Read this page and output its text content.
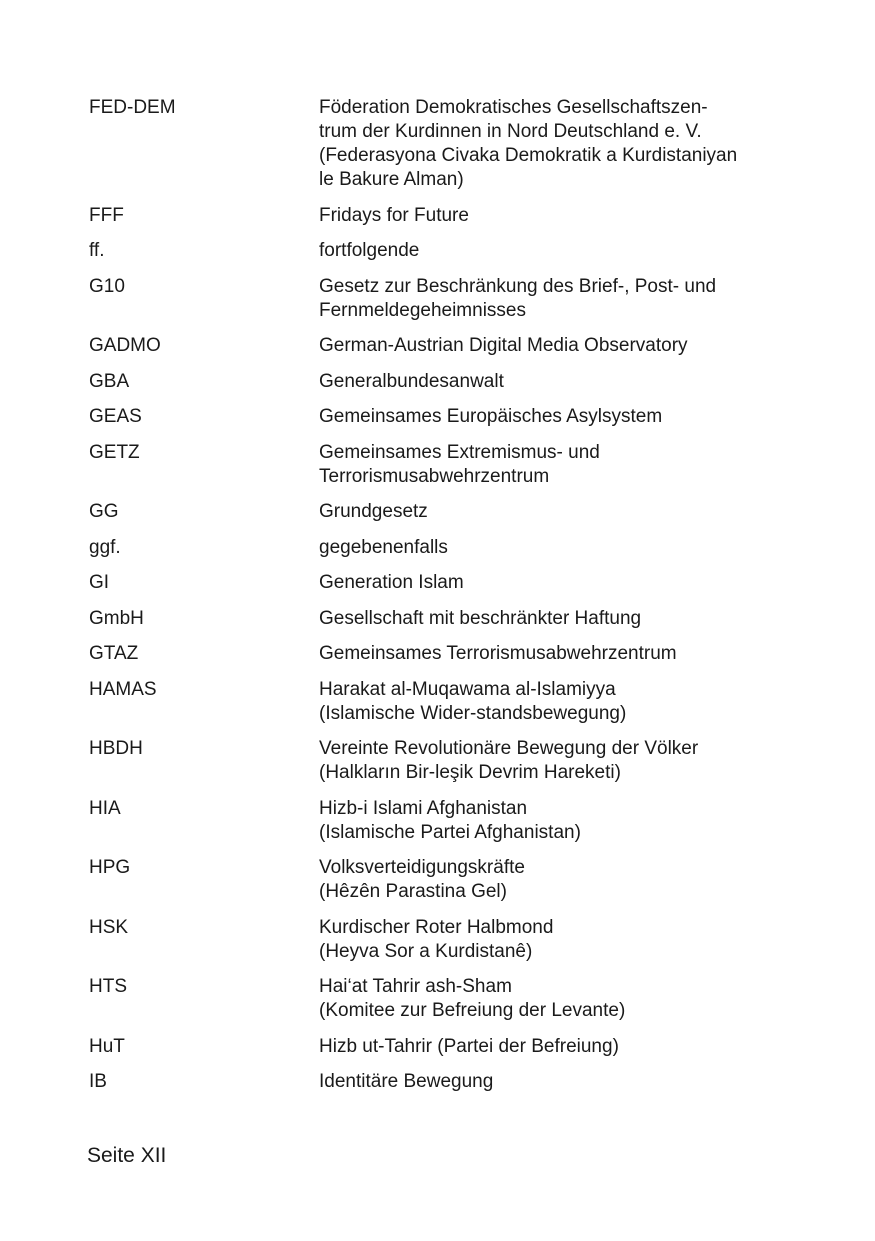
FED-DEM	Föderation Demokratisches Gesellschaftszen-
trum der Kurdinnen in Nord Deutschland e. V.
(Federasyona Civaka Demokratik a Kurdistaniyan
le Bakure Alman)
FFF	Fridays for Future
ff.	fortfolgende
G10	Gesetz zur Beschränkung des Brief-, Post- und
Fernmeldegeheimnisses
GADMO	German-Austrian Digital Media Observatory
GBA	Generalbundesanwalt
GEAS	Gemeinsames Europäisches Asylsystem
GETZ	Gemeinsames Extremismus- und
Terrorismusabwehrzentrum
GG	Grundgesetz
ggf.	gegebenenfalls
GI	Generation Islam
GmbH	Gesellschaft mit beschränkter Haftung
GTAZ	Gemeinsames Terrorismusabwehrzentrum
HAMAS	Harakat al-Muqawama al-Islamiyya
(Islamische Wider-standsbewegung)
HBDH	Vereinte Revolutionäre Bewegung der Völker
(Halkların Bir-leşik Devrim Hareketi)
HIA	Hizb-i Islami Afghanistan
(Islamische Partei Afghanistan)
HPG	Volksverteidigungskräfte
(Hêzên Parastina Gel)
HSK	Kurdischer Roter Halbmond
(Heyva Sor a Kurdistanê)
HTS	Hai‘at Tahrir ash-Sham
(Komitee zur Befreiung der Levante)
HuT	Hizb ut-Tahrir (Partei der Befreiung)
IB	Identitäre Bewegung
Seite XII
